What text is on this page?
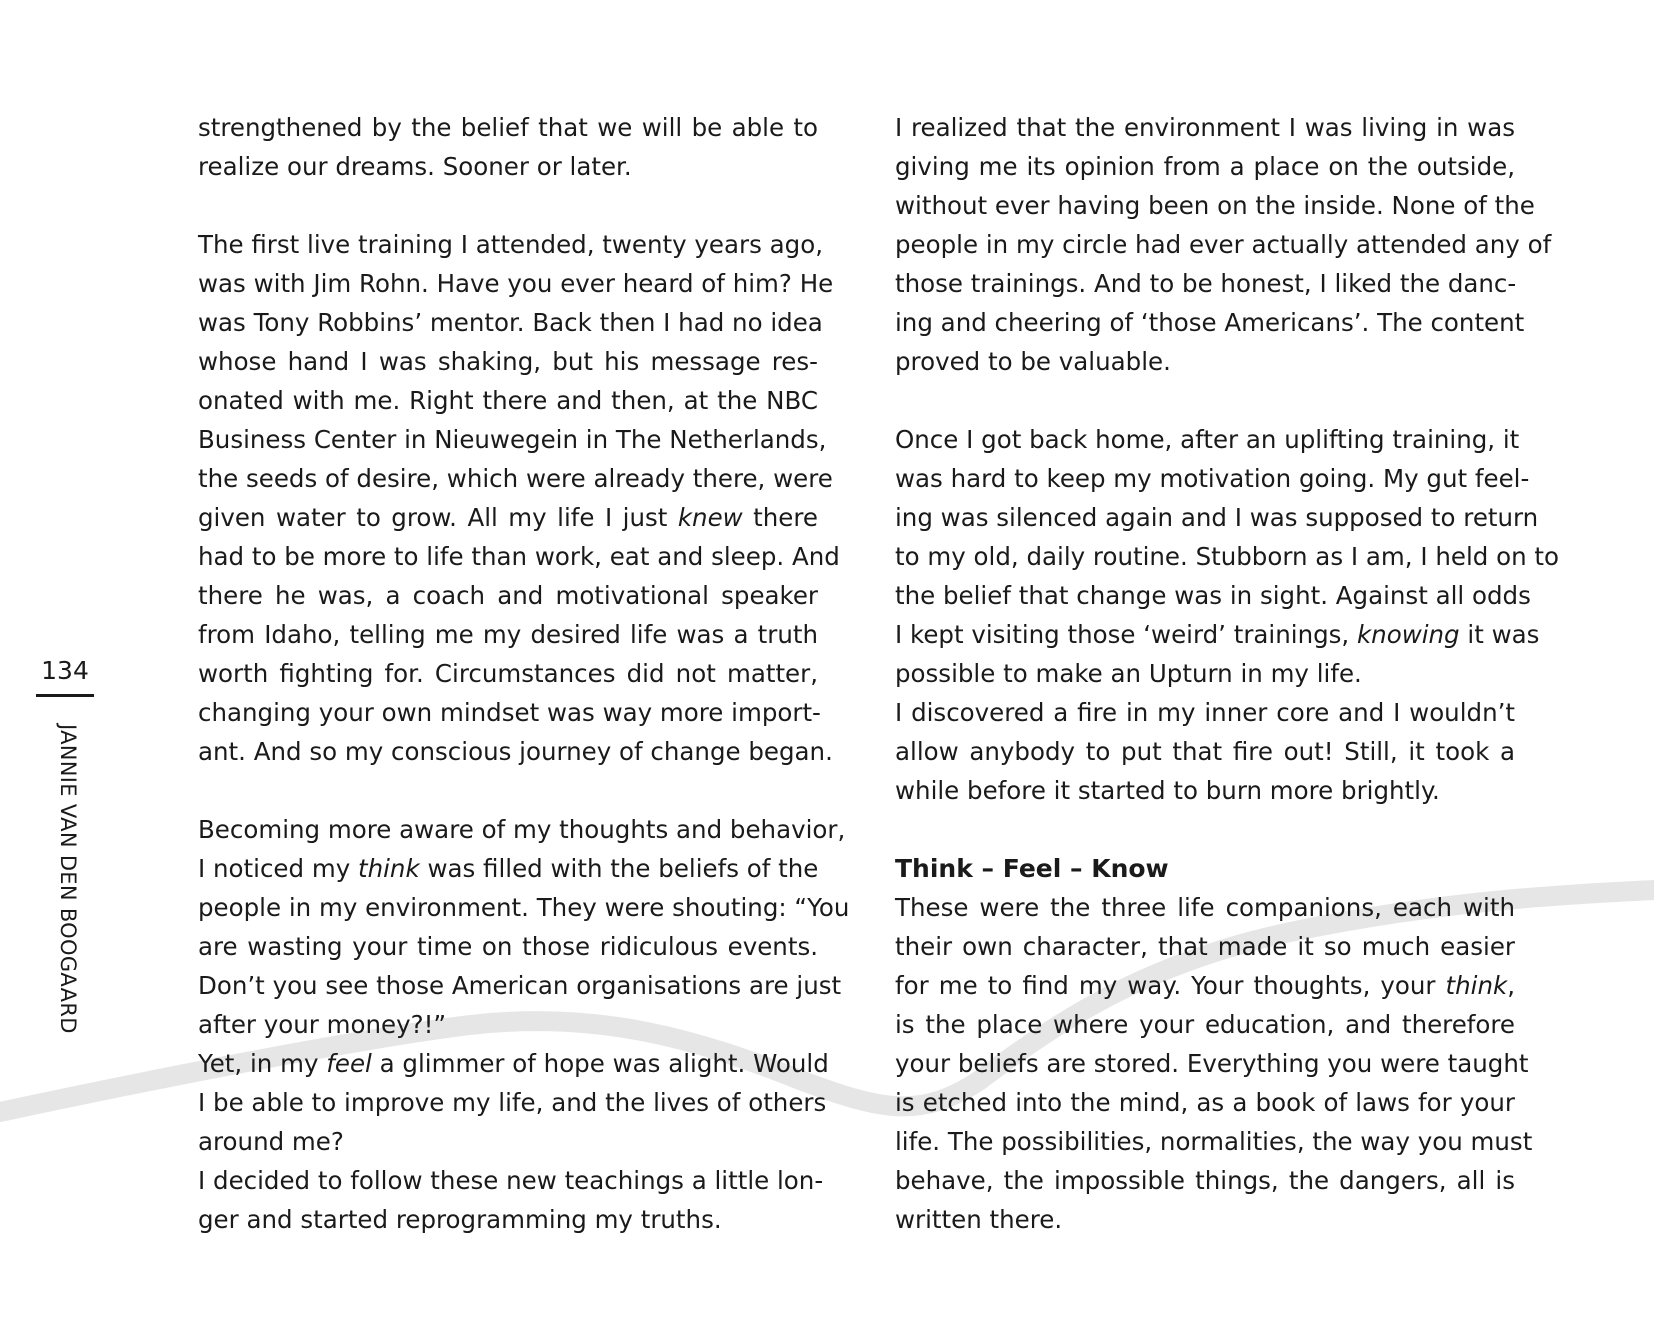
134
JANNIE VAN DEN BOOGAARD
strengthened by the belief that we will be able to
realize our dreams. Sooner or later.
The first live training I attended, twenty years ago,
was with Jim Rohn. Have you ever heard of him? He
was Tony Robbins’ mentor. Back then I had no idea
whose hand I was shaking, but his message res-
onated with me. Right there and then, at the NBC
Business Center in Nieuwegein in The Netherlands,
the seeds of desire, which were already there, were
given water to grow. All my life I just knew there
had to be more to life than work, eat and sleep. And
there he was, a coach and motivational speaker
from Idaho, telling me my desired life was a truth
worth fighting for. Circumstances did not matter,
changing your own mindset was way more import-
ant. And so my conscious journey of change began.
Becoming more aware of my thoughts and behavior,
I noticed my think was filled with the beliefs of the
people in my environment. They were shouting: “You
are wasting your time on those ridiculous events.
Don’t you see those American organisations are just
after your money?!”
Yet, in my feel a glimmer of hope was alight. Would
I be able to improve my life, and the lives of others
around me?
I decided to follow these new teachings a little lon-
ger and started reprogramming my truths.
I realized that the environment I was living in was
giving me its opinion from a place on the outside,
without ever having been on the inside. None of the
people in my circle had ever actually attended any of
those trainings. And to be honest, I liked the danc-
ing and cheering of ‘those Americans’. The content
proved to be valuable.
Once I got back home, after an uplifting training, it
was hard to keep my motivation going. My gut feel-
ing was silenced again and I was supposed to return
to my old, daily routine. Stubborn as I am, I held on to
the belief that change was in sight. Against all odds
I kept visiting those ‘weird’ trainings, knowing it was
possible to make an Upturn in my life.
I discovered a fire in my inner core and I wouldn’t
allow anybody to put that fire out! Still, it took a
while before it started to burn more brightly.
Think – Feel – Know
These were the three life companions, each with
their own character, that made it so much easier
for me to find my way. Your thoughts, your think,
is the place where your education, and therefore
your beliefs are stored. Everything you were taught
is etched into the mind, as a book of laws for your
life. The possibilities, normalities, the way you must
behave, the impossible things, the dangers, all is
written there.
